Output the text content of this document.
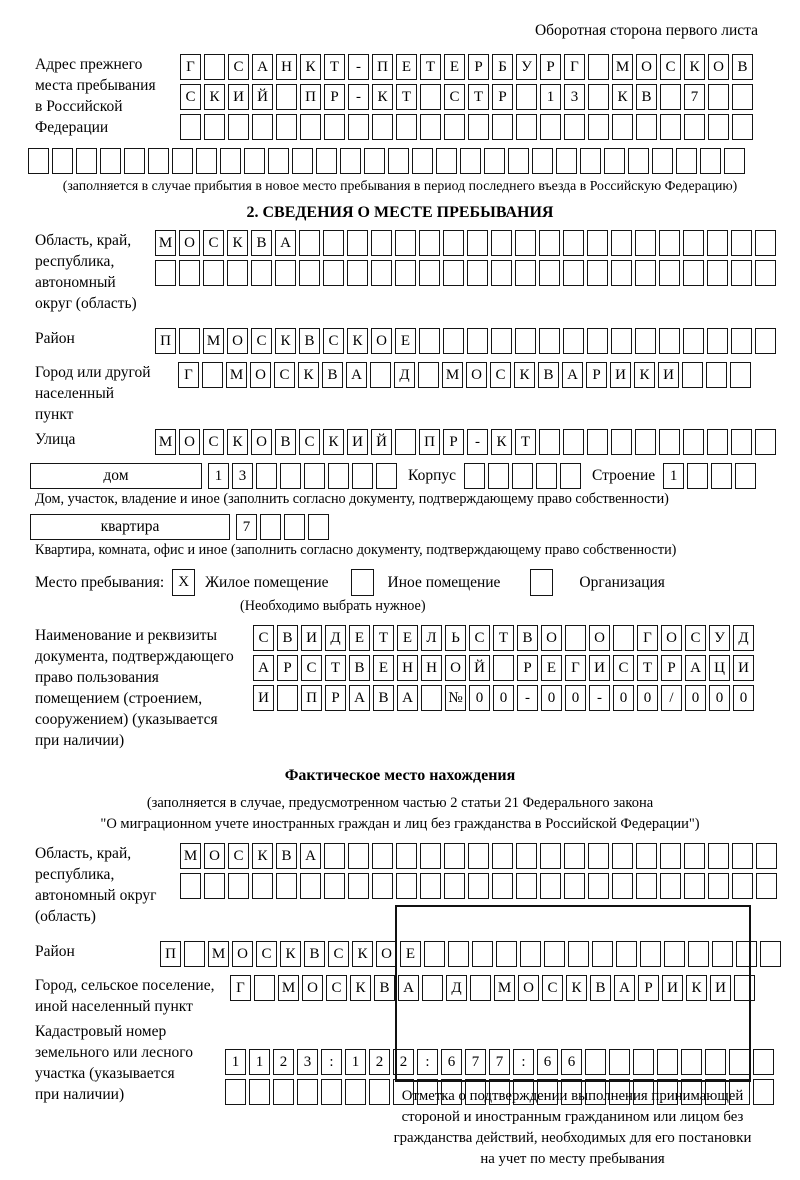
Оборотная сторона первого листа
Адрес прежнего
места пребывания
в Российской
Федерации
Г	С А Н К Т	-	П Е Т Е	Р	Б У Р	Г	М О С К О В
С К И Й	П Р	-	К Т	С Т	Р	1	3	К В	7
(заполняется в случае прибытия в новое место пребывания в период последнего въезда в Российскую Федерацию)
2. СВЕДЕНИЯ О МЕСТЕ ПРЕБЫВАНИЯ
Область, край,
республика,
автономный
округ (область)
М О С К В А
Район	П	М О С К В С К О Е
Город или другой
населенный пункт
Г	М О С К В А	Д	М О С К В А Р И К И
Улица	М О С К О В С К И Й	П Р	-	К Т
дом	1	3	Корпус	Строение 1
Дом, участок, владение и иное (заполнить согласно документу, подтверждающему право собственности)
квартира	7
Квартира, комната, офис и иное (заполнить согласно документу, подтверждающему право собственности)
Место пребывания: X	Жилое помещение	Иное помещение	Организация
(Необходимо выбрать нужное)
Наименование и реквизиты
документа, подтверждающего
право пользования
помещением (строением,
сооружением) (указывается
при наличии)
С В И Д Е Т Е Л Ь С Т В О	О	Г О С У Д
А Р С Т В Е Н Н О Й	Р	Е	Г И С Т	Р А Ц И
И	П Р А В А	№ 0	0	-	0	0	-	0	0	/	0	0	0
Фактическое место нахождения
(заполняется в случае, предусмотренном частью 2 статьи 21 Федерального закона
"О миграционном учете иностранных граждан и лиц без гражданства в Российской Федерации")
Область, край,
республика,
автономный округ
(область)
М О С К В А
Район	П	М О С К В С К О Е
Город, сельское поселение,
иной населенный пункт
Г	М О С К В А	Д	М О С К В А Р И К И
Кадастровый номер
земельного или лесного
участка (указывается
при наличии)
1	1	2	3	:	1	2	2	:	6	7	7	:	6	6
Отметка о подтверждении выполнения принимающей
стороной и иностранным гражданином или лицом без
гражданства действий, необходимых для его постановки
на учет по месту пребывания
